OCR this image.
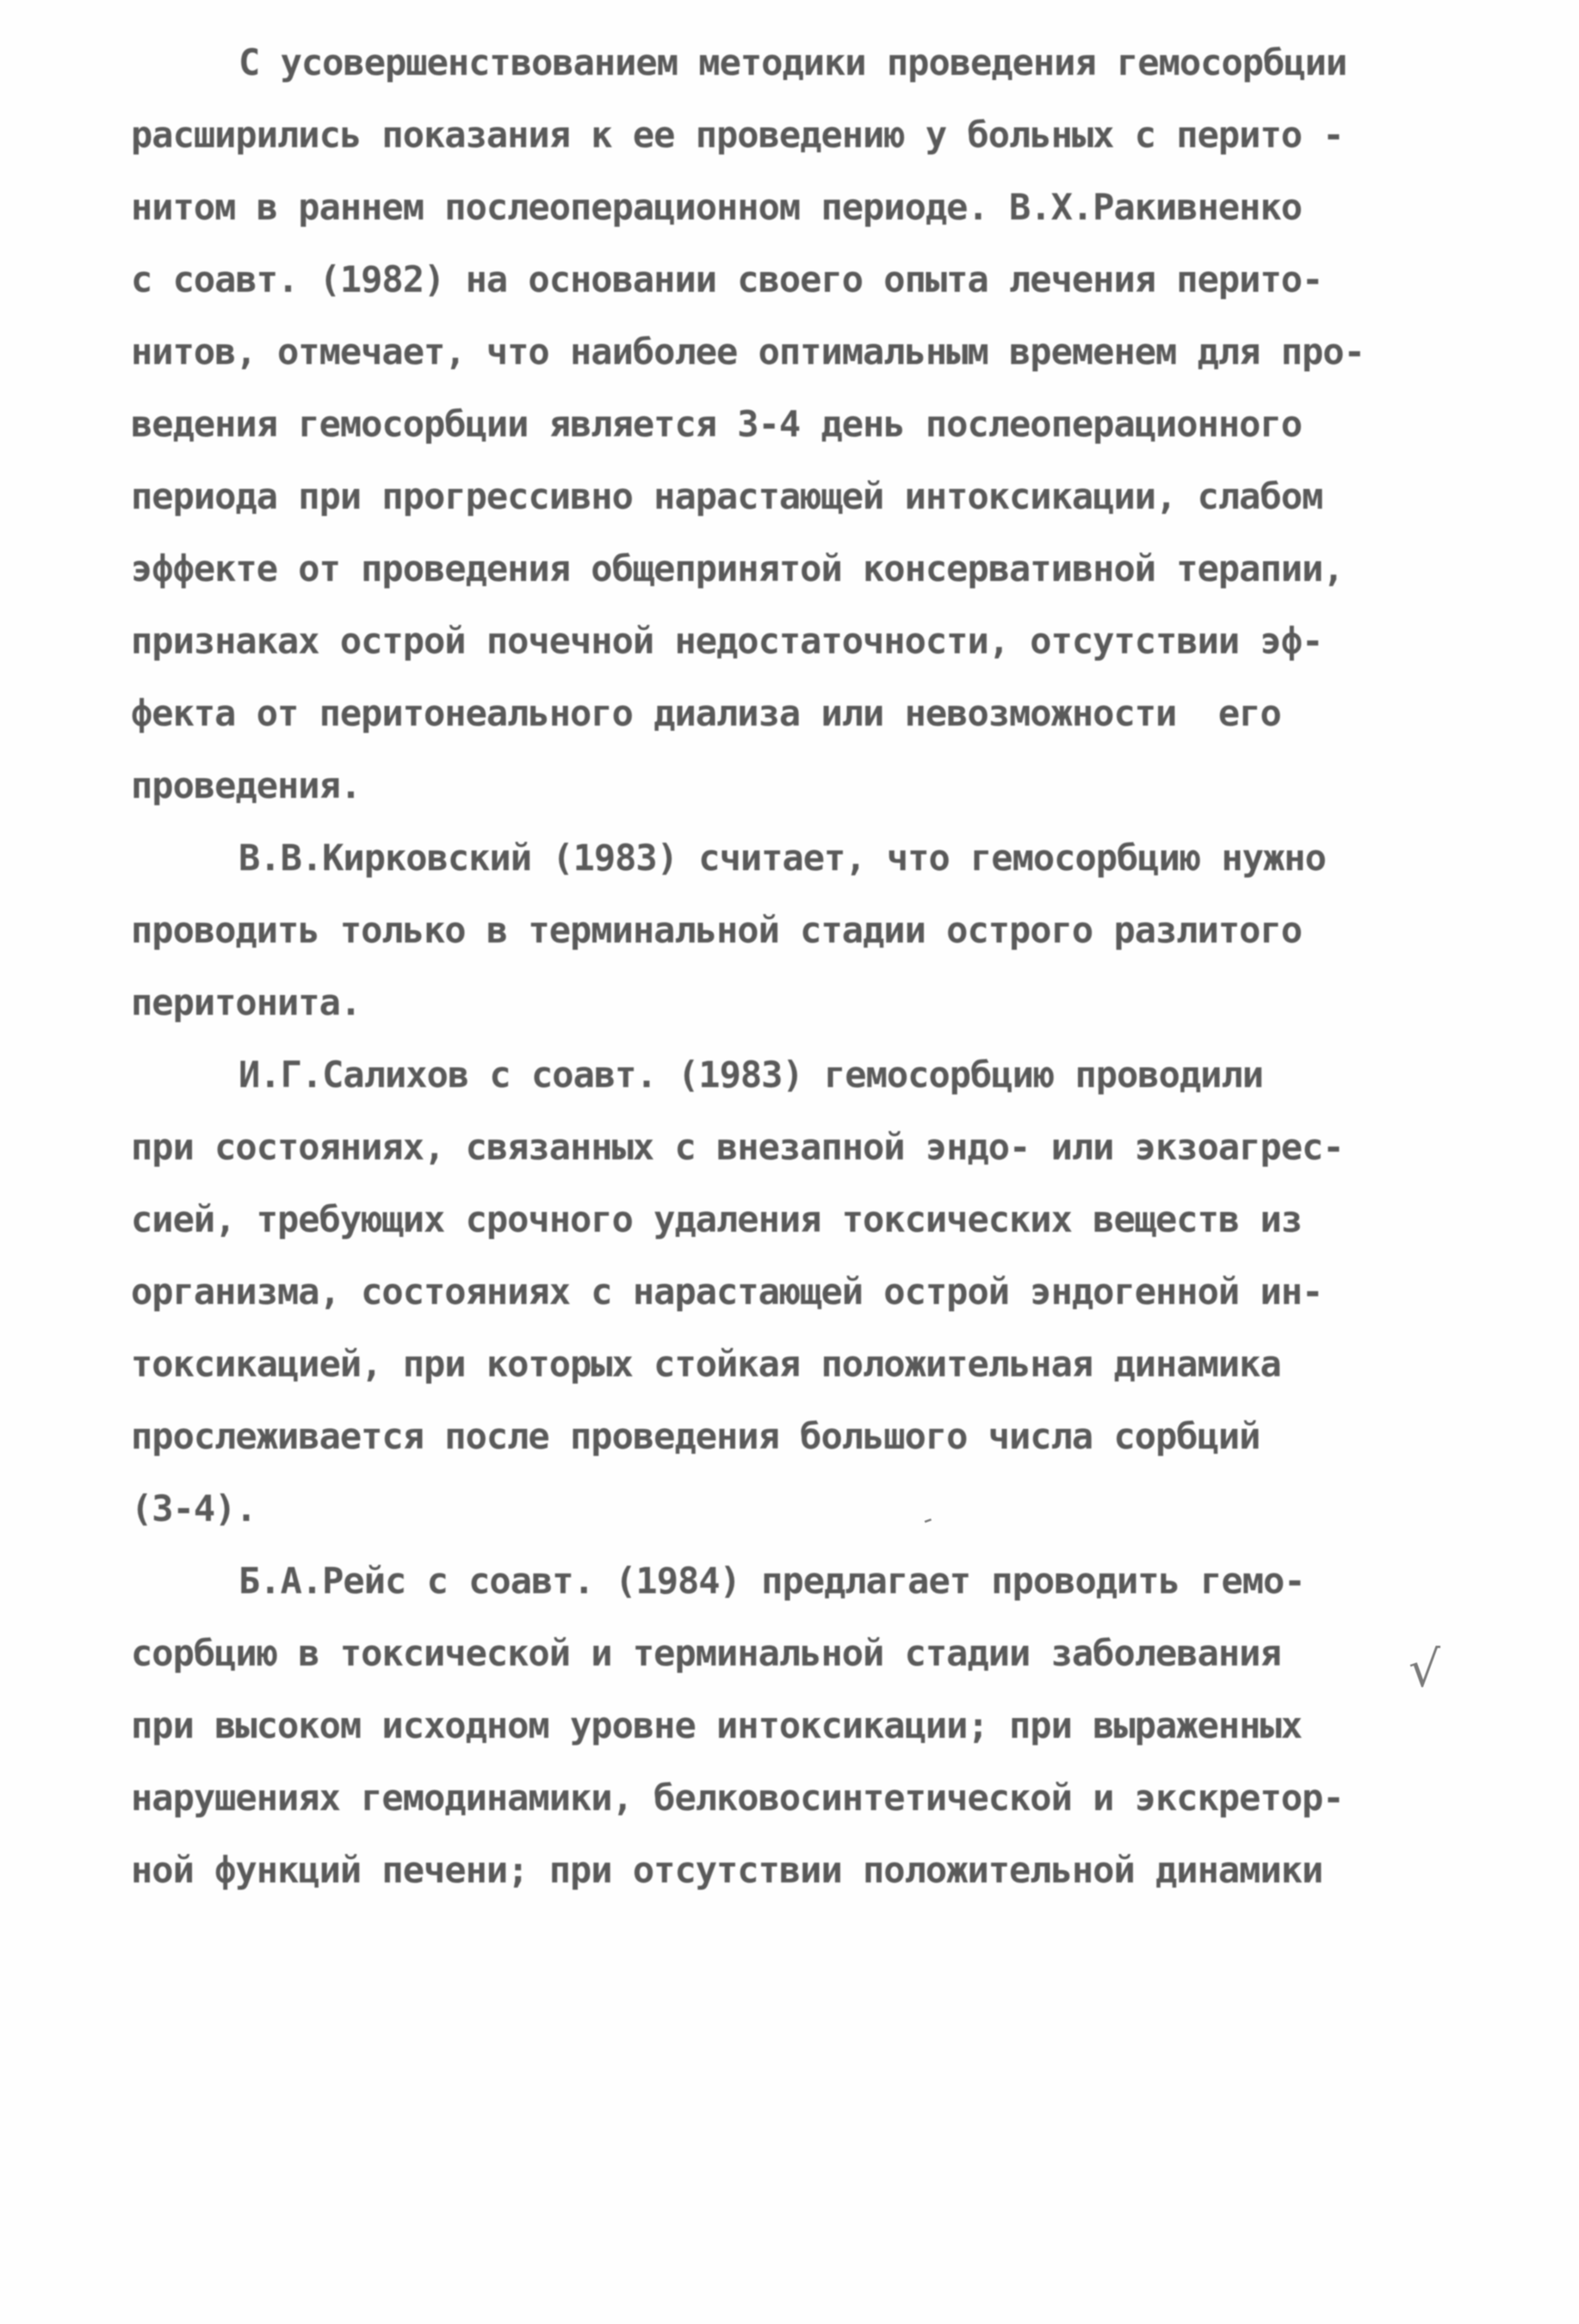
С усовершенствованием методики проведения гемосорбции
расширились показания к ее проведению у больных с перито -
нитом в раннем послеоперационном периоде. В.Х.Ракивненко
с соавт. (1982) на основании своего опыта лечения перито-
нитов, отмечает, что наиболее оптимальным временем для про-
ведения гемосорбции является 3-4 день послеоперационного
периода при прогрессивно нарастающей интоксикации, слабом
эффекте от проведения общепринятой консервативной терапии,
признаках острой почечной недостаточности, отсутствии эф-
фекта от перитонеального диализа или невозможности  его
проведения.
В.В.Кирковский (1983) считает, что гемосорбцию нужно
проводить только в терминальной стадии острого разлитого
перитонита.
И.Г.Салихов с соавт. (1983) гемосорбцию проводили
при состояниях, связанных с внезапной эндо- или экзоагрес-
сией, требующих срочного удаления токсических веществ из
организма, состояниях с нарастающей острой эндогенной ин-
токсикацией, при которых стойкая положительная динамика
прослеживается после проведения большого числа сорбций
(3-4).
Б.А.Рейс с соавт. (1984) предлагает проводить гемо-
сорбцию в токсической и терминальной стадии заболевания
при высоком исходном уровне интоксикации; при выраженных
нарушениях гемодинамики, белковосинтетической и экскретор-
ной функций печени; при отсутствии положительной динамики
√
-
